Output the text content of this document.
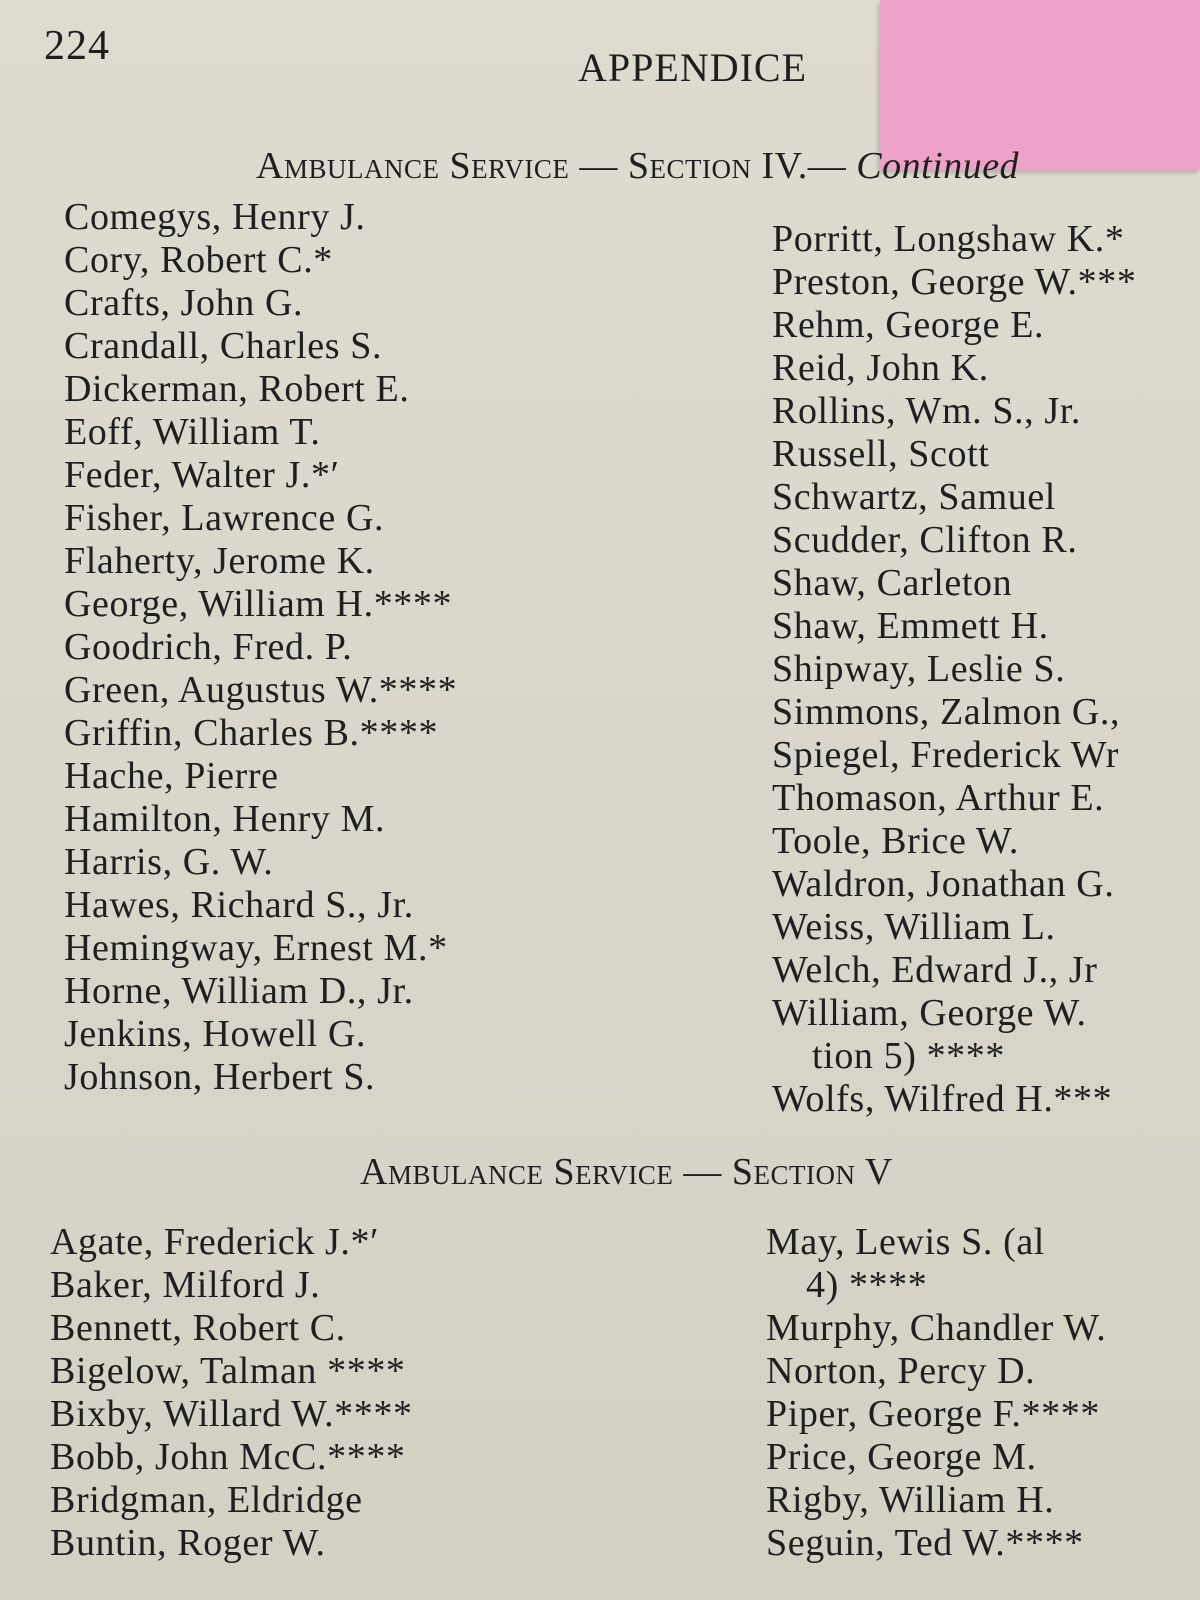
224	APPENDICE
Ambulance Service — Section IV.— Continued
Comegys, Henry J.
Cory, Robert C.*
Crafts, John G.
Crandall, Charles S.
Dickerman, Robert E.
Eoff, William T.
Feder, Walter J.*′
Fisher, Lawrence G.
Flaherty, Jerome K.
George, William H.****
Goodrich, Fred. P.
Green, Augustus W.****
Griffin, Charles B.****
Hache, Pierre
Hamilton, Henry M.
Harris, G. W.
Hawes, Richard S., Jr.
Hemingway, Ernest M.*
Horne, William D., Jr.
Jenkins, Howell G.
Johnson, Herbert S.
Porritt, Longshaw K.*
Preston, George W.***
Rehm, George E.
Reid, John K.
Rollins, Wm. S., Jr.
Russell, Scott
Schwartz, Samuel
Scudder, Clifton R.
Shaw, Carleton
Shaw, Emmett H.
Shipway, Leslie S.
Simmons, Zalmon G.,
Spiegel, Frederick Wr
Thomason, Arthur E.
Toole, Brice W.
Waldron, Jonathan G.
Weiss, William L.
Welch, Edward J., Jr
William, George W.
tion 5) ****
Wolfs, Wilfred H.***
Ambulance Service — Section V
Agate, Frederick J.*′
Baker, Milford J.
Bennett, Robert C.
Bigelow, Talman ****
Bixby, Willard W.****
Bobb, John McC.****
Bridgman, Eldridge
Buntin, Roger W.
May, Lewis S. (al
4) ****
Murphy, Chandler W.
Norton, Percy D.
Piper, George F.****
Price, George M.
Rigby, William H.
Seguin, Ted W.****
